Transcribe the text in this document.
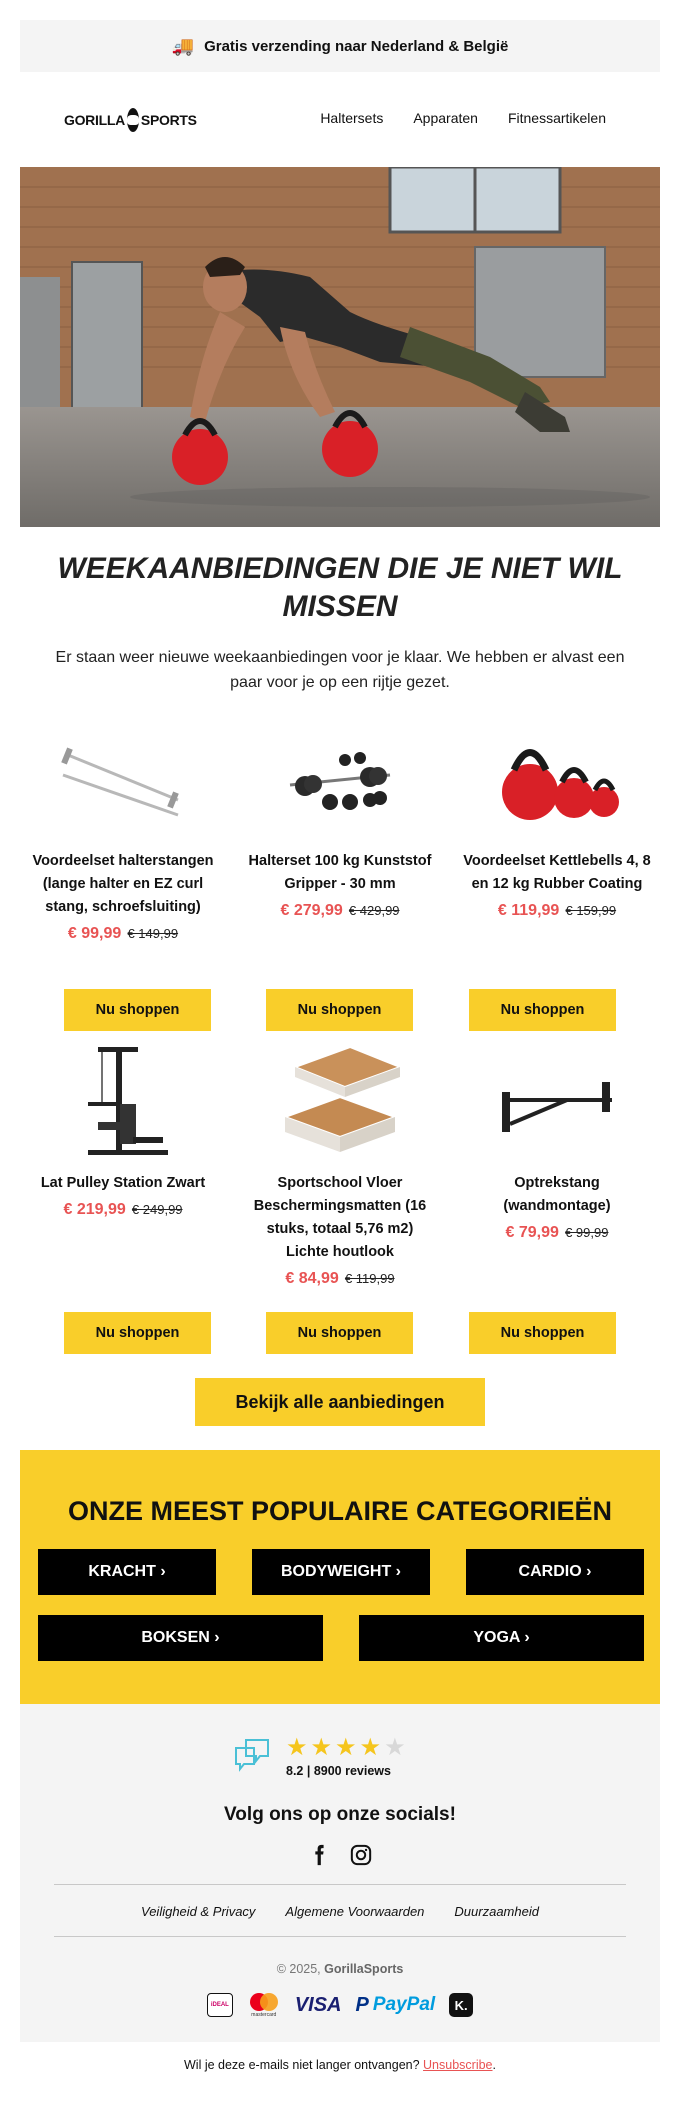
🚚 Gratis verzending naar Nederland & België
GORILLA SPORTS	Haltersets Apparaten Fitnessartikelen
WEEKAANBIEDINGEN DIE JE NIET WIL MISSEN
Er staan weer nieuwe weekaanbiedingen voor je klaar. We hebben er alvast een paar voor je op een rijtje gezet.
Voordeelset halterstangen (lange halter en EZ curl stang, schroefsluiting)
€ 99,99 € 149,99
Nu shoppen
Halterset 100 kg Kunststof Gripper - 30 mm
€ 279,99 € 429,99
Nu shoppen
Voordeelset Kettlebells 4, 8 en 12 kg Rubber Coating
€ 119,99 € 159,99
Nu shoppen
Lat Pulley Station Zwart
€ 219,99 € 249,99
Sportschool Vloer Beschermingsmatten (16 stuks, totaal 5,76 m2) Lichte houtlook
€ 84,99 € 119,99
Optrekstang (wandmontage)
€ 79,99 € 99,99
Nu shoppen	Nu shoppen	Nu shoppen
Bekijk alle aanbiedingen
ONZE MEEST POPULAIRE CATEGORIEËN
KRACHT ›	BODYWEIGHT ›	CARDIO ›
BOKSEN ›	YOGA ›
★ ★ ★ ★ ★
8.2 | 8900 reviews
Volg ons op onze socials!
Veiligheid & Privacy Algemene Voorwaarden Duurzaamheid
© 2025, GorillaSports
iDEAL
mastercard VISA P PayPal K.
Wil je deze e-mails niet langer ontvangen? Unsubscribe.
